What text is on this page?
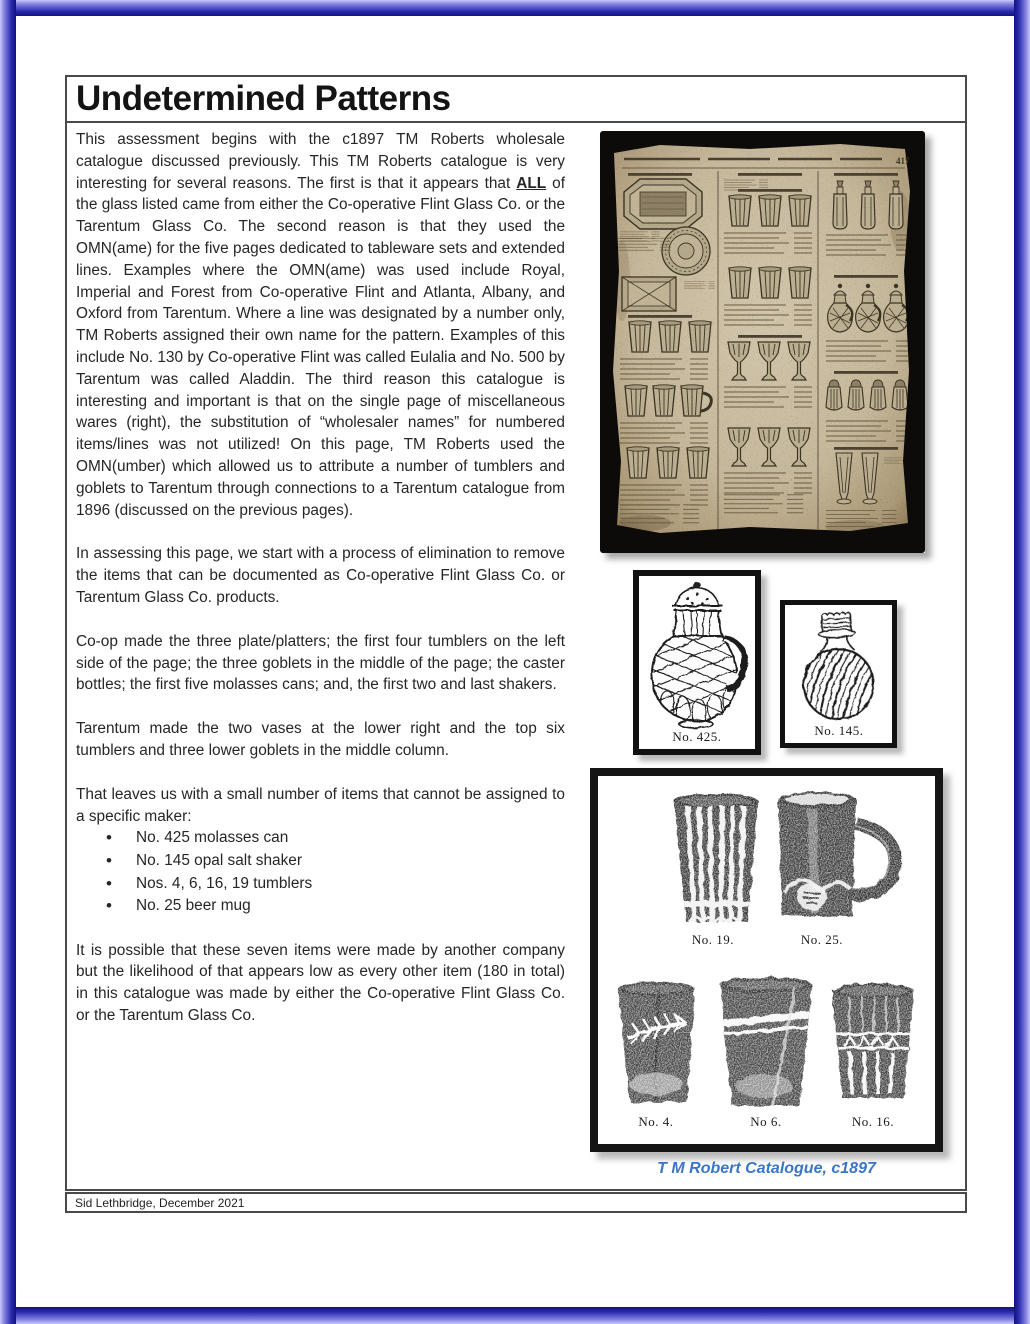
Undetermined Patterns

This assessment begins with the c1897 TM Roberts wholesale catalogue discussed previously. This TM Roberts catalogue is very interesting for several reasons. The first is that it appears that ALL of the glass listed came from either the Co-operative Flint Glass Co. or the Tarentum Glass Co. The second reason is that they used the OMN(ame) for the five pages dedicated to tableware sets and extended lines. Examples where the OMN(ame) was used include Royal, Imperial and Forest from Co-operative Flint and Atlanta, Albany, and Oxford from Tarentum. Where a line was designated by a number only, TM Roberts assigned their own name for the pattern. Examples of this include No. 130 by Co-operative Flint was called Eulalia and No. 500 by Tarentum was called Aladdin. The third reason this catalogue is interesting and important is that on the single page of miscellaneous wares (right), the substitution of “wholesaler names” for numbered items/lines was not utilized! On this page, TM Roberts used the OMN(umber) which allowed us to attribute a number of tumblers and goblets to Tarentum through connections to a Tarentum catalogue from 1896 (discussed on the previous pages).

In assessing this page, we start with a process of elimination to remove the items that can be documented as Co-operative Flint Glass Co. or Tarentum Glass Co. products.

Co-op made the three plate/platters; the first four tumblers on the left side of the page; the three goblets in the middle of the page; the caster bottles; the first five molasses cans; and, the first two and last shakers.

Tarentum made the two vases at the lower right and the top six tumblers and three lower goblets in the middle column.

That leaves us with a small number of items that cannot be assigned to a specific maker:

• No. 425 molasses can
• No. 145 opal salt shaker
• Nos. 4, 6, 16, 19 tumblers
• No. 25 beer mug

It is possible that these seven items were made by another company but the likelihood of that appears low as every other item (180 in total) in this catalogue was made by either the Co-operative Flint Glass Co. or the Tarentum Glass Co.

417
No. 425.	No. 145.
No. 19.	No. 25.
No. 4.	No 6.	No. 16.
T M Robert Catalogue, c1897
Sid Lethbridge, December 2021
